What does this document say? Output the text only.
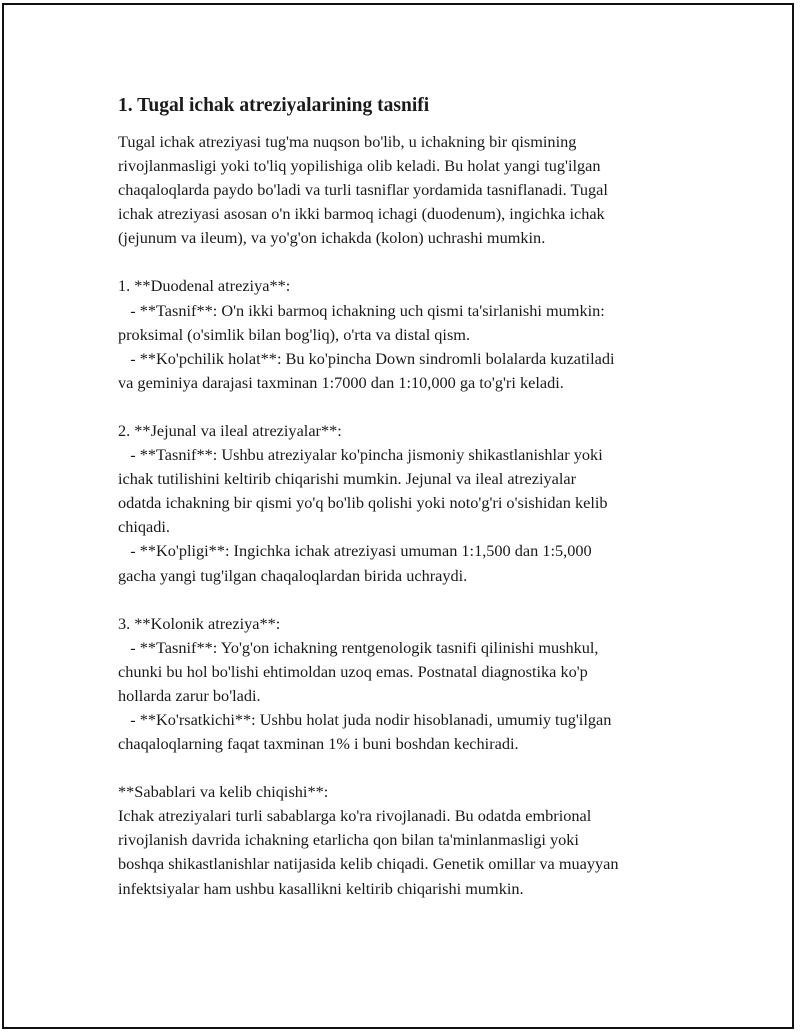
1. Tugal ichak atreziyalarining tasnifi

Tugal ichak atreziyasi tug'ma nuqson bo'lib, u ichakning bir qismining
rivojlanmasligi yoki to'liq yopilishiga olib keladi. Bu holat yangi tug'ilgan
chaqaloqlarda paydo bo'ladi va turli tasniflar yordamida tasniflanadi. Tugal
ichak atreziyasi asosan o'n ikki barmoq ichagi (duodenum), ingichka ichak
(jejunum va ileum), va yo'g'on ichakda (kolon) uchrashi mumkin.

1. **Duodenal atreziya**:
- **Tasnif**: O'n ikki barmoq ichakning uch qismi ta'sirlanishi mumkin:
proksimal (o'simlik bilan bog'liq), o'rta va distal qism.
- **Ko'pchilik holat**: Bu ko'pincha Down sindromli bolalarda kuzatiladi
va geminiya darajasi taxminan 1:7000 dan 1:10,000 ga to'g'ri keladi.

2. **Jejunal va ileal atreziyalar**:
- **Tasnif**: Ushbu atreziyalar ko'pincha jismoniy shikastlanishlar yoki
ichak tutilishini keltirib chiqarishi mumkin. Jejunal va ileal atreziyalar
odatda ichakning bir qismi yo'q bo'lib qolishi yoki noto'g'ri o'sishidan kelib
chiqadi.
- **Ko'pligi**: Ingichka ichak atreziyasi umuman 1:1,500 dan 1:5,000
gacha yangi tug'ilgan chaqaloqlardan birida uchraydi.

3. **Kolonik atreziya**:
- **Tasnif**: Yo'g'on ichakning rentgenologik tasnifi qilinishi mushkul,
chunki bu hol bo'lishi ehtimoldan uzoq emas. Postnatal diagnostika ko'p
hollarda zarur bo'ladi.
- **Ko'rsatkichi**: Ushbu holat juda nodir hisoblanadi, umumiy tug'ilgan
chaqaloqlarning faqat taxminan 1% i buni boshdan kechiradi.

**Sabablari va kelib chiqishi**:
Ichak atreziyalari turli sabablarga ko'ra rivojlanadi. Bu odatda embrional
rivojlanish davrida ichakning etarlicha qon bilan ta'minlanmasligi yoki
boshqa shikastlanishlar natijasida kelib chiqadi. Genetik omillar va muayyan
infektsiyalar ham ushbu kasallikni keltirib chiqarishi mumkin.
